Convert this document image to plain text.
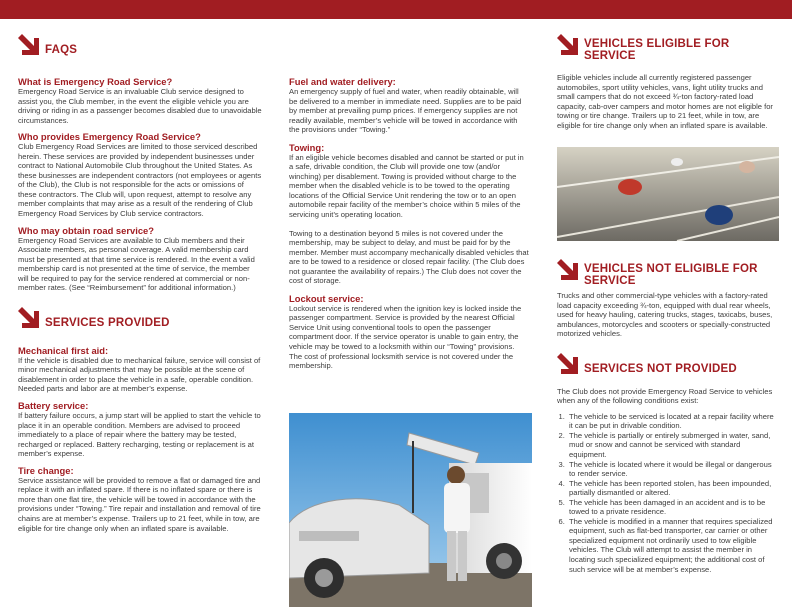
FAQS
What is Emergency Road Service?
Emergency Road Service is an invaluable Club service designed to assist you, the Club member, in the event the eligible vehicle you are driving or riding in as a passenger becomes disabled due to unavoidable circumstances.
Who provides Emergency Road Service?
Club Emergency Road Services are limited to those serviced described herein. These services are provided by independent businesses under contract to National Automobile Club throughout the United States. As these businesses are independent contractors (not employees or agents of the Club), the Club is not responsible for the acts or omissions of these contractors. The Club will, upon request, attempt to resolve any member complaints that may arise as a result of the rendering of Club Emergency Road Services by Club service contractors.
Who may obtain road service?
Emergency Road Services are available to Club members and their Associate members, as personal coverage. A valid membership card must be presented at that time service is rendered. In the event a valid membership card is not presented at the time of service, the member will be required to pay for the service rendered at commercial or non-member rates. (See “Reimbursement” for additional information.)
SERVICES PROVIDED
Mechanical first aid:
If the vehicle is disabled due to mechanical failure, service will consist of minor mechanical adjustments that may be possible at the scene of disablement in order to place the vehicle in a safe, operable condition. Needed parts and labor are at member’s expense.
Battery service:
If battery failure occurs, a jump start will be applied to start the vehicle to place it in an operable condition. Members are advised to proceed immediately to a place of repair where the battery may be tested, recharged or replaced. Battery recharging, testing or replacement is at member’s expense.
Tire change:
Service assistance will be provided to remove a flat or damaged tire and replace it with an inflated spare. If there is no inflated spare or there is more than one flat tire, the vehicle will be towed in accordance with the provisions under “Towing.” Tire repair and installation and removal of tire chains are at member’s expense. Trailers up to 21 feet, while in tow, are eligible for tire change only when an inflated spare is available.
Fuel and water delivery:
An emergency supply of fuel and water, when readily obtainable, will be delivered to a member in immediate need. Supplies are to be paid by member at prevailing pump prices. If emergency supplies are not readily available, member’s vehicle will be towed in accordance with the provisions under “Towing.”
Towing:
If an eligible vehicle becomes disabled and cannot be started or put in a safe, drivable condition, the Club will provide one tow (and/or winching) per disablement. Towing is provided without charge to the member when the disabled vehicle is to be towed to the operating locations of the Official Service Unit rendering the tow or to an open automobile repair facility of the member’s choice within 5 miles of the servicing unit’s operating location.
Towing to a destination beyond 5 miles is not covered under the membership, may be subject to delay, and must be paid for by the member. Member must accompany mechanically disabled vehicles that are to be towed to a residence or closed repair facility. (The Club does not guarantee the availability of repairs.) The Club does not cover the cost of storage.
Lockout service:
Lockout service is rendered when the ignition key is locked inside the passenger compartment. Service is provided by the nearest Official Service Unit using conventional tools to open the passenger compartment door. If the service operator is unable to gain entry, the vehicle may be towed to a locksmith within our “Towing” provisions. The cost of professional locksmith service is not covered under the membership.
VEHICLES ELIGIBLE FOR SERVICE
Eligible vehicles include all currently registered passenger automobiles, sport utility vehicles, vans, light utility trucks and small campers that do not exceed ¾-ton factory-rated load capacity, cab-over campers and motor homes are not eligible for towing or tire change. Trailers up to 21 feet, while in tow, are eligible for tire change only when an inflated spare is available.
VEHICLES NOT ELIGIBLE FOR SERVICE
Trucks and other commercial-type vehicles with a factory-rated load capacity exceeding ¾-ton, equipped with dual rear wheels, used for heavy hauling, catering trucks, stages, taxicabs, buses, ambulances, motorcycles and scooters or specially-constructed motorized vehicles.
SERVICES NOT PROVIDED
The Club does not provide Emergency Road Service to vehicles when any of the following conditions exist:
1. The vehicle to be serviced is located at a repair facility where it can be put in drivable condition.
2. The vehicle is partially or entirely submerged in water, sand, mud or snow and cannot be serviced with standard equipment.
3. The vehicle is located where it would be illegal or dangerous to render service.
4. The vehicle has been reported stolen, has been impounded, partially dismantled or altered.
5. The vehicle has been damaged in an accident and is to be towed to a private residence.
6. The vehicle is modified in a manner that requires specialized equipment, such as flat-bed transporter, car carrier or other specialized equipment not ordinarily used to tow eligible vehicles. The Club will attempt to assist the member in locating such specialized equipment; the additional cost of such service will be at member’s expense.
